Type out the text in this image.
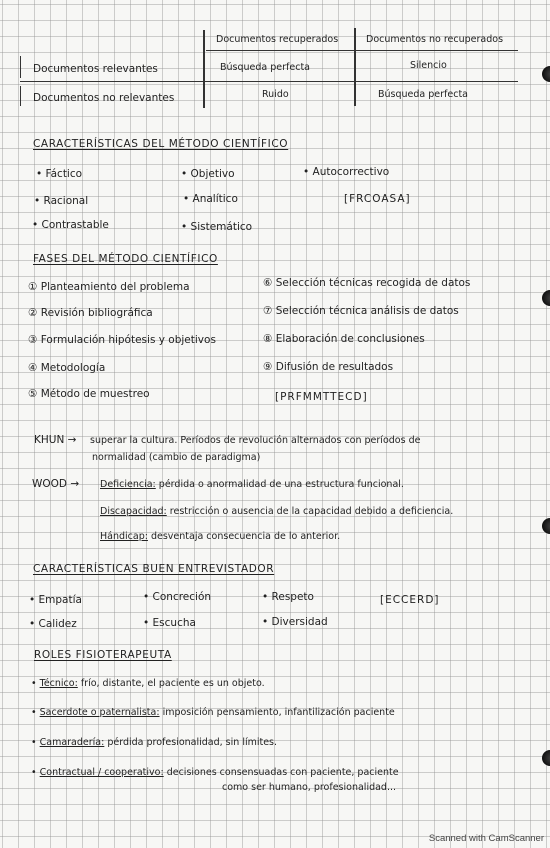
Documentos relevantes
Documentos no relevantes
Documentos recuperados
Búsqueda perfecta
Ruido
Documentos no recuperados
Silencio
Búsqueda perfecta
CARACTERÍSTICAS DEL MÉTODO CIENTÍFICO
• Fáctico
• Racional
• Contrastable
• Objetivo
• Analítico
• Sistemático
• Autocorrectivo
[FRCOASA]
FASES DEL MÉTODO CIENTÍFICO
① Planteamiento del problema
② Revisión bibliográfica
③ Formulación hipótesis y objetivos
④ Metodología
⑤ Método de muestreo
⑥ Selección técnicas recogida de datos
⑦ Selección técnica análisis de datos
⑧ Elaboración de conclusiones
⑨ Difusión de resultados
[PRFMMTTECD]
KHUN → superar la cultura. Períodos de revolución alternados con períodos de
normalidad (cambio de paradigma)
WOOD → Deficiencia: pérdida o anormalidad de una estructura funcional.
Discapacidad: restricción o ausencia de la capacidad debido a deficiencia.
Hándicap: desventaja consecuencia de lo anterior.
CARACTERÍSTICAS BUEN ENTREVISTADOR
• Empatía
• Calidez
• Concreción
• Escucha
• Respeto
• Diversidad
[ECCERD]
ROLES FISIOTERAPEUTA
• Técnico: frío, distante, el paciente es un objeto.
• Sacerdote o paternalista: imposición pensamiento, infantilización paciente
• Camaradería: pérdida profesionalidad, sin límites.
• Contractual / cooperativo: decisiones consensuadas con paciente, paciente
como ser humano, profesionalidad...
Scanned with CamScanner
